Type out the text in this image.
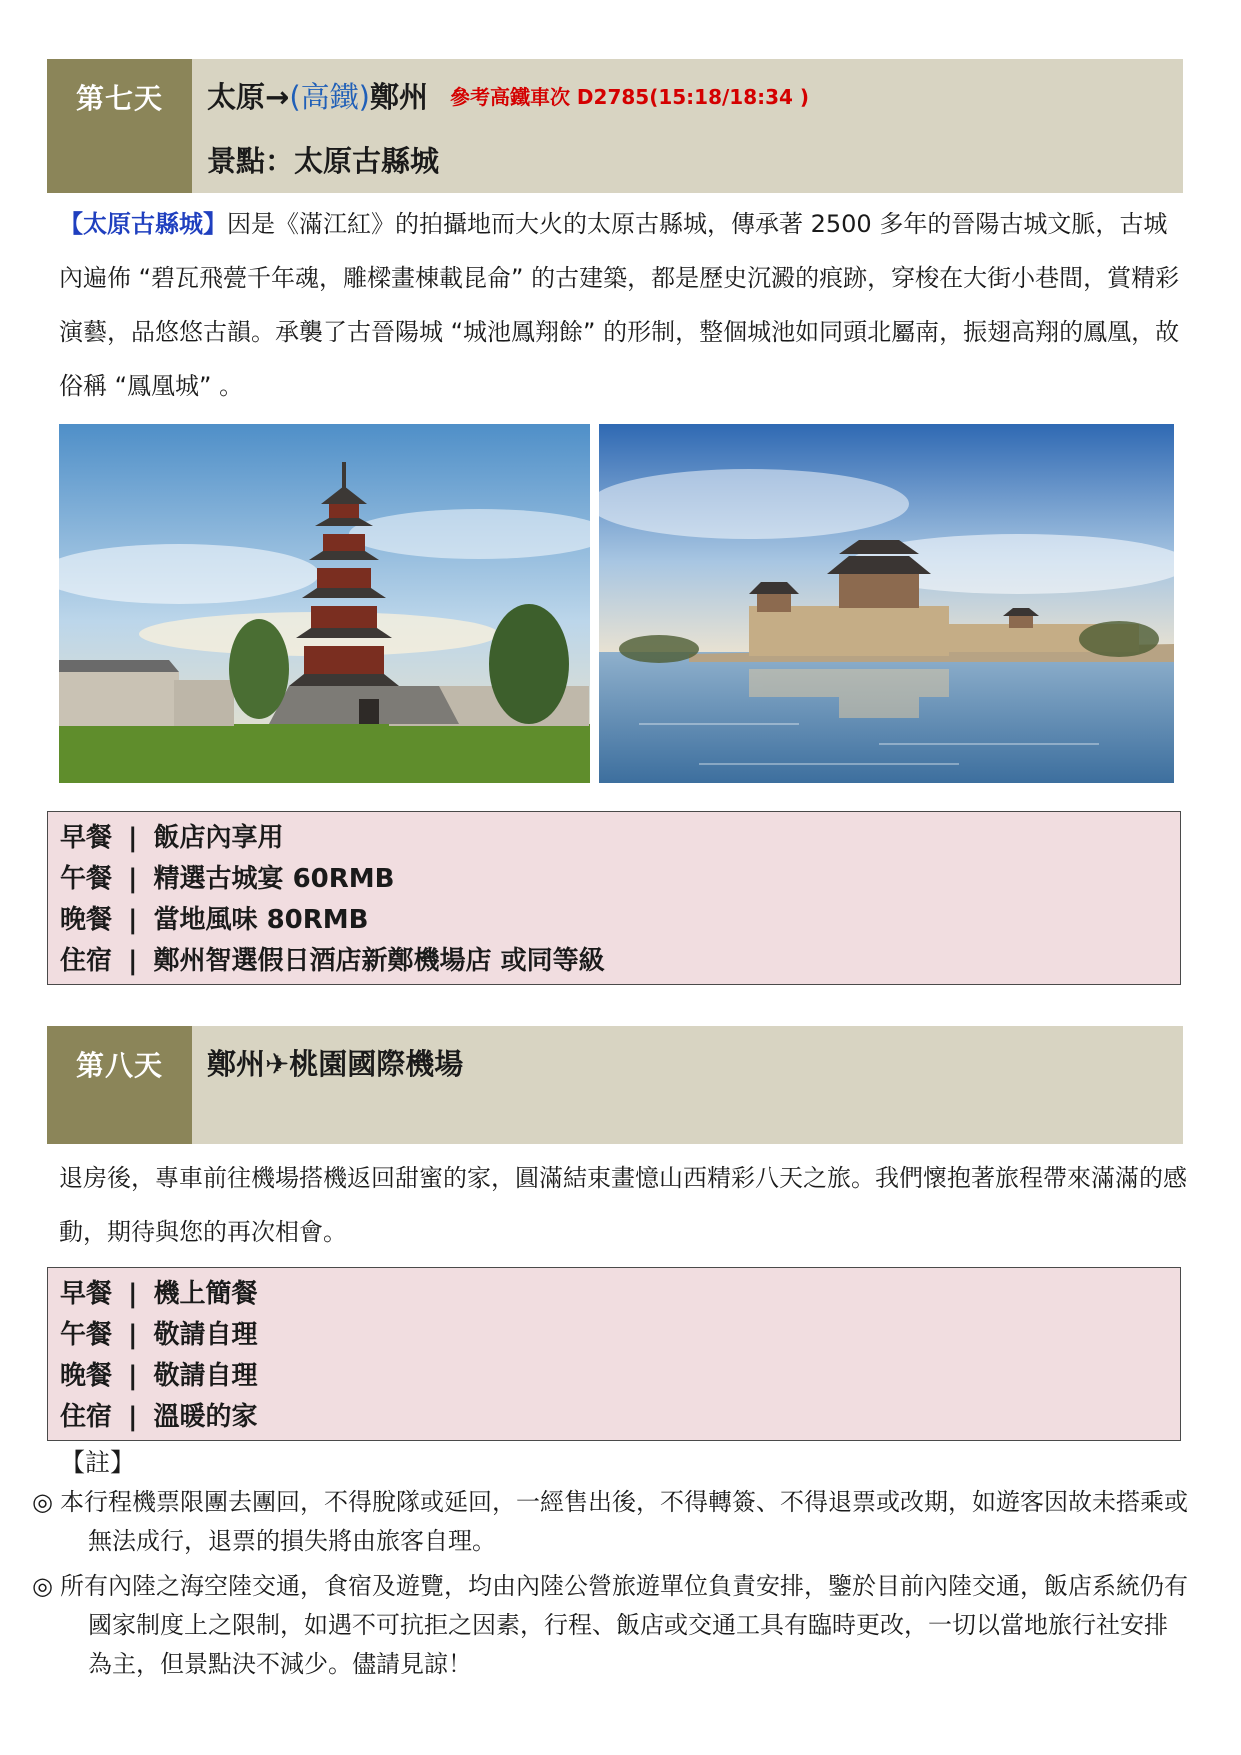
第七天	太原→(高鐵)鄭州 參考高鐵車次 D2785(15:18/18:34 )
景點：太原古縣城
【太原古縣城】因是《滿江紅》的拍攝地而大火的太原古縣城，傳承著 2500 多年的晉陽古城文脈，古城內遍佈 “碧瓦飛甍千年魂，雕樑畫棟載昆侖” 的古建築，都是歷史沉澱的痕跡，穿梭在大街小巷間，賞精彩演藝，品悠悠古韻。承襲了古晉陽城 “城池鳳翔餘” 的形制，整個城池如同頭北屬南，振翅高翔的鳳凰，故俗稱 “鳳凰城” 。
早餐 | 飯店內享用
午餐 | 精選古城宴 60RMB
晚餐 | 當地風味 80RMB
住宿 | 鄭州智選假日酒店新鄭機場店 或同等級
第八天	鄭州✈桃園國際機場
退房後，專車前往機場搭機返回甜蜜的家，圓滿結束畫憶山西精彩八天之旅。我們懷抱著旅程帶來滿滿的感動，期待與您的再次相會。
早餐 | 機上簡餐
午餐 | 敬請自理
晚餐 | 敬請自理
住宿 | 溫暖的家
【註】
◎ 本行程機票限團去團回，不得脫隊或延回，一經售出後，不得轉簽、不得退票或改期，如遊客因故未搭乘或無法成行，退票的損失將由旅客自理。
◎ 所有內陸之海空陸交通，食宿及遊覽，均由內陸公營旅遊單位負責安排，鑒於目前內陸交通，飯店系統仍有國家制度上之限制，如遇不可抗拒之因素，行程、飯店或交通工具有臨時更改，一切以當地旅行社安排為主，但景點決不減少。儘請見諒！
